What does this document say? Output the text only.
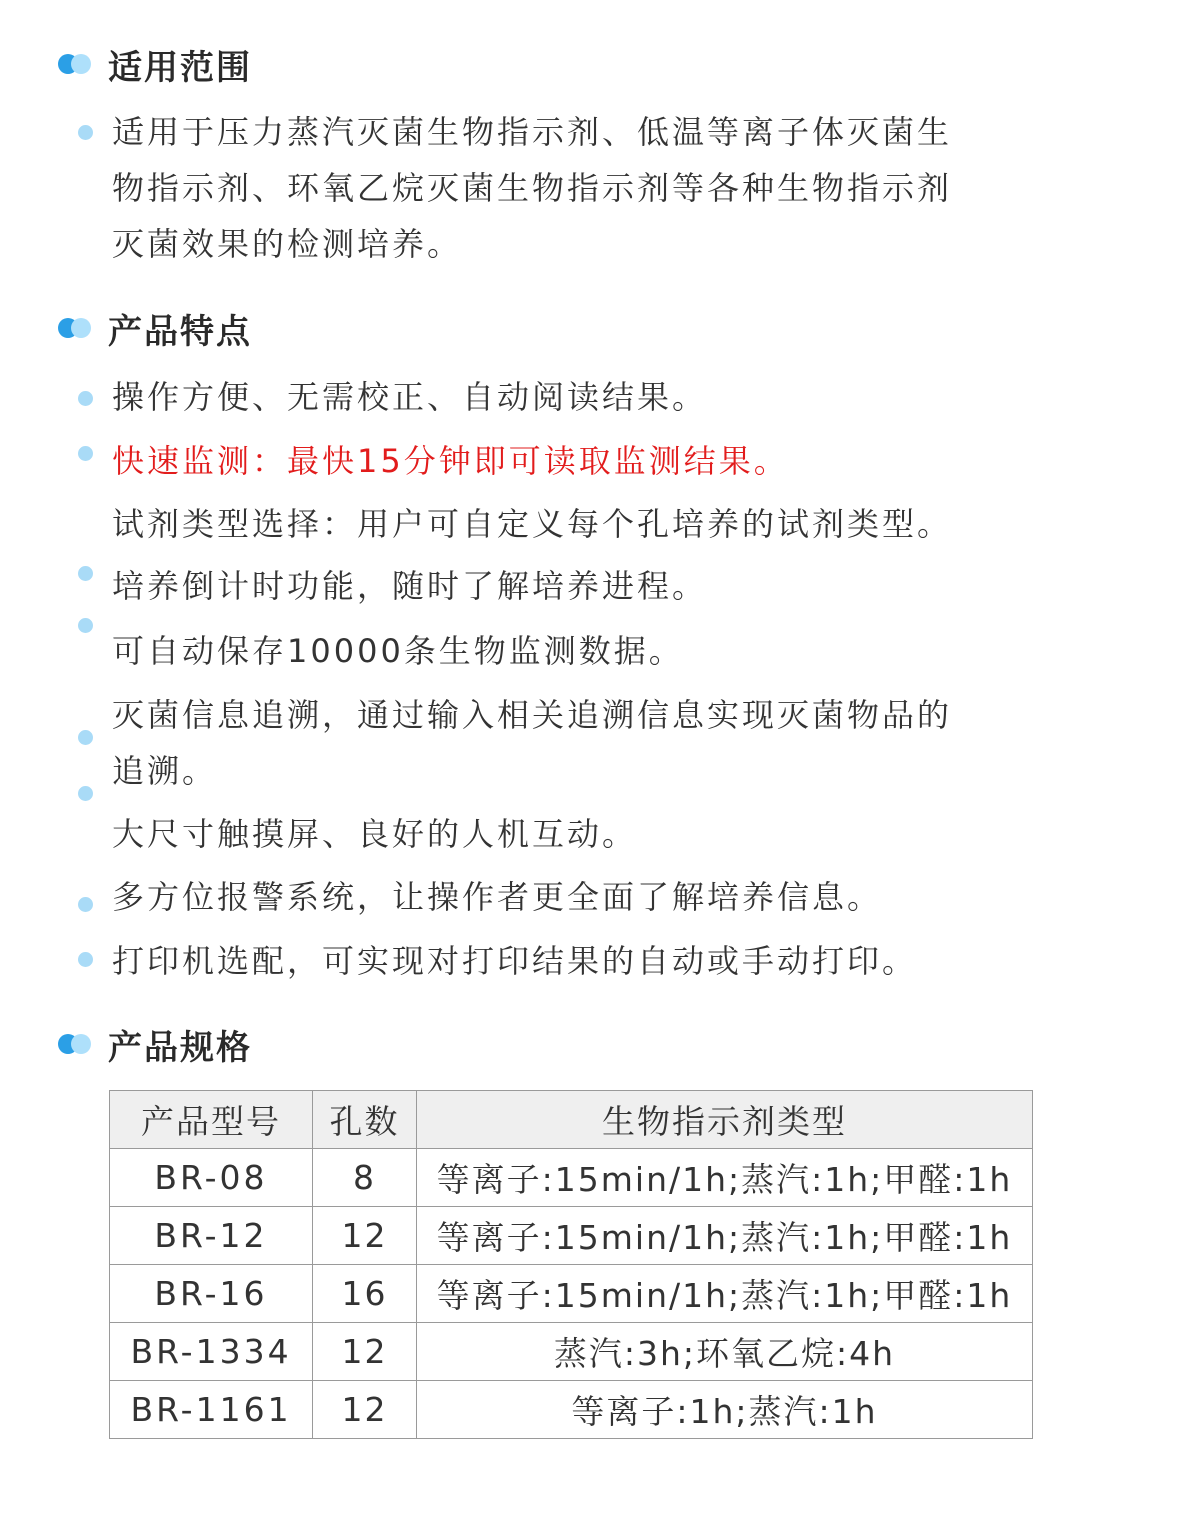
适用范围
适用于压力蒸汽灭菌生物指示剂、低温等离子体灭菌生
物指示剂、环氧乙烷灭菌生物指示剂等各种生物指示剂
灭菌效果的检测培养。
产品特点
操作方便、无需校正、自动阅读结果。
快速监测：最快15分钟即可读取监测结果。
试剂类型选择：用户可自定义每个孔培养的试剂类型。
培养倒计时功能，随时了解培养进程。
可自动保存10000条生物监测数据。
灭菌信息追溯，通过输入相关追溯信息实现灭菌物品的
追溯。
大尺寸触摸屏、良好的人机互动。
多方位报警系统，让操作者更全面了解培养信息。
打印机选配，可实现对打印结果的自动或手动打印。
产品规格
产品型号	孔数	生物指示剂类型
BR-08	8	等离子:15min/1h;蒸汽:1h;甲醛:1h
BR-12	12	等离子:15min/1h;蒸汽:1h;甲醛:1h
BR-16	16	等离子:15min/1h;蒸汽:1h;甲醛:1h
BR-1334	12	蒸汽:3h;环氧乙烷:4h
BR-1161	12	等离子:1h;蒸汽:1h
